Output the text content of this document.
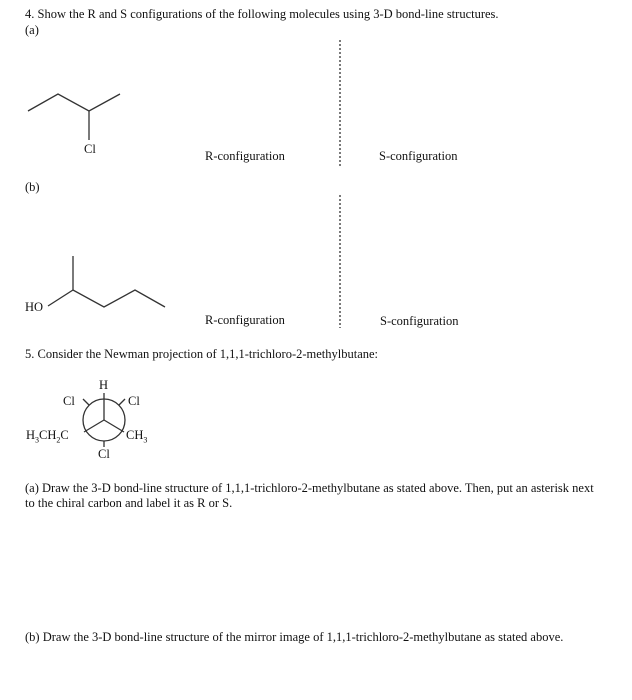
4. Show the R and S configurations of the following molecules using 3-D bond-line structures.
(a)
Cl	R-configuration	S-configuration
(b)
HO
R-configuration	S-configuration
5. Consider the Newman projection of 1,1,1-trichloro-2-methylbutane:
H
Cl	Cl
$H_3CH_2C$	$CH_3$
Cl
(a) Draw the 3-D bond-line structure of 1,1,1-trichloro-2-methylbutane as stated above. Then, put an asterisk next to the chiral carbon and label it as R or S.
(b) Draw the 3-D bond-line structure of the mirror image of 1,1,1-trichloro-2-methylbutane as stated above.
